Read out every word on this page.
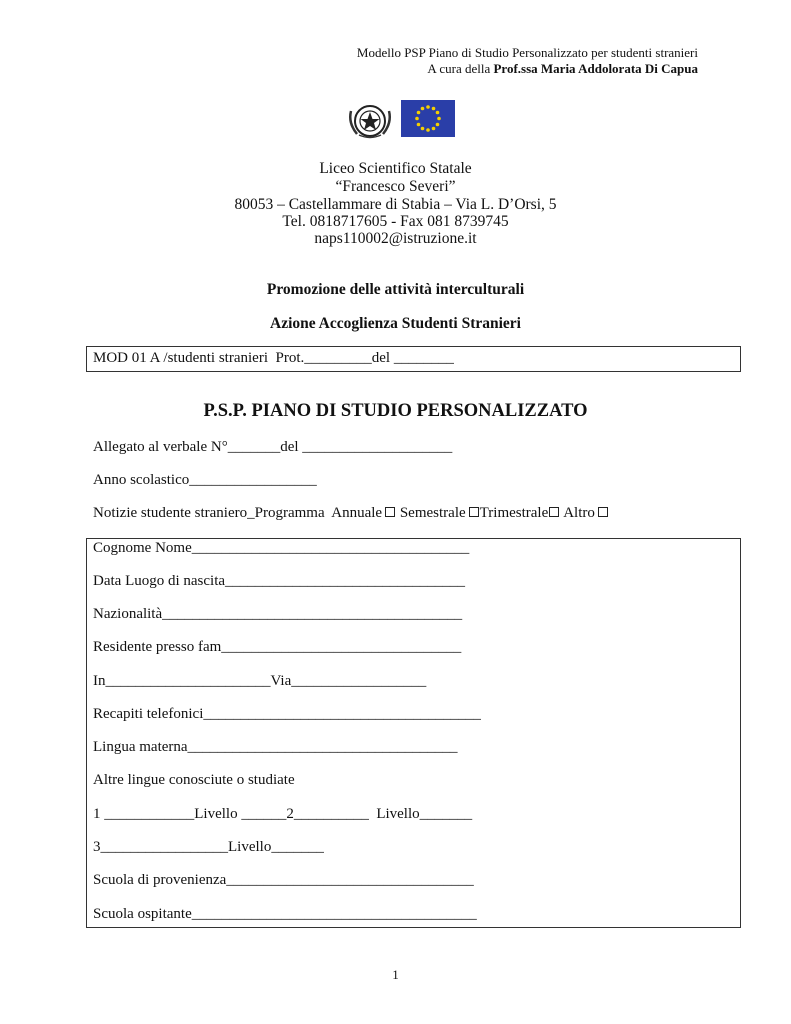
Modello PSP Piano di Studio Personalizzato per studenti stranieri
A cura della Prof.ssa Maria Addolorata Di Capua
Liceo Scientifico Statale
“Francesco Severi”
80053 – Castellammare di Stabia – Via L. D’Orsi, 5
Tel. 0818717605 - Fax 081 8739745
naps110002@istruzione.it
Promozione delle attività interculturali
Azione Accoglienza Studenti Stranieri
MOD 01 A /studenti stranieri  Prot._________del ________
P.S.P. PIANO DI STUDIO PERSONALIZZATO
Allegato al verbale N°_______del ____________________
Anno scolastico_________________
Notizie studente straniero_Programma  Annuale Semestrale Trimestrale Altro
Cognome Nome_____________________________________
Data Luogo di nascita________________________________
Nazionalità________________________________________
Residente presso fam________________________________
In______________________Via__________________
Recapiti telefonici_____________________________________
Lingua materna____________________________________
Altre lingue conosciute o studiate
1 ____________Livello ______2__________  Livello_______
3_________________Livello_______
Scuola di provenienza_________________________________
Scuola ospitante______________________________________
1
